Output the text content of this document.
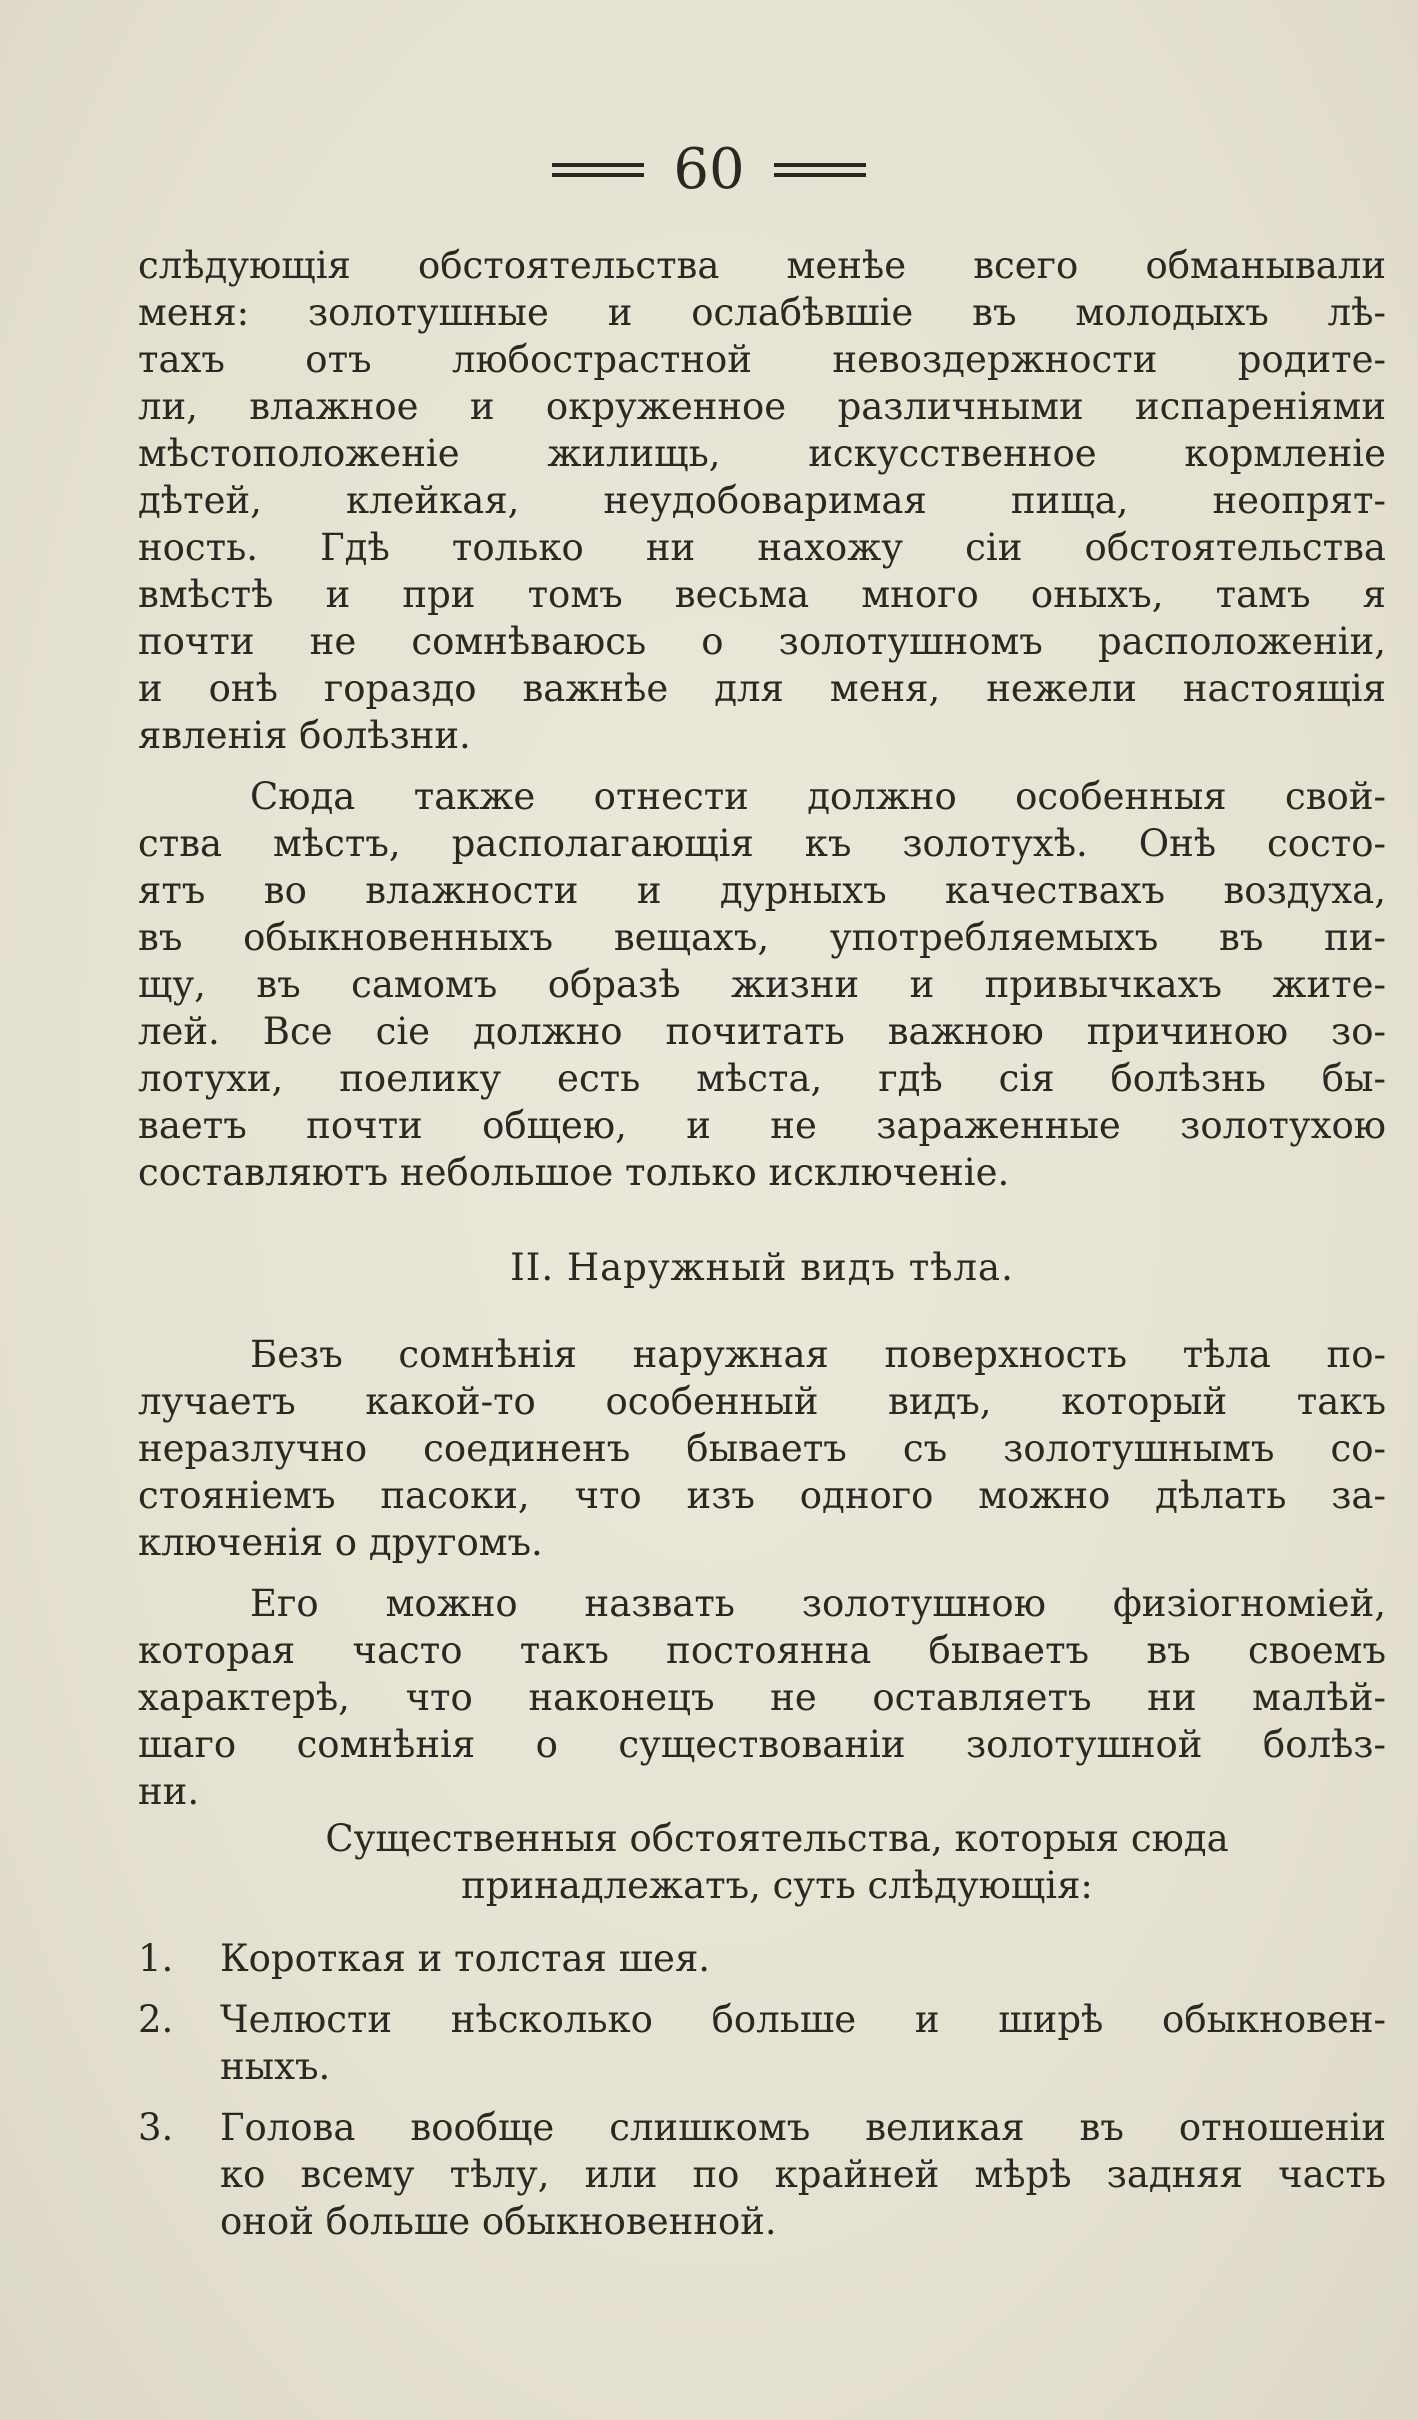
60
слѣдующія обстоятельства менѣе всего обманывали
меня: золотушные и ослабѣвшіе въ молодыхъ лѣ-
тахъ отъ любострастной невоздержности родите-
ли, влажное и окруженное различными испареніями
мѣстоположеніе жилищь, искусственное кормленіе
дѣтей, клейкая, неудобоваримая пища, неопрят-
ность. Гдѣ только ни нахожу сіи обстоятельства
вмѣстѣ и при томъ весьма много оныхъ, тамъ я
почти не сомнѣваюсь о золотушномъ расположеніи,
и онѣ гораздо важнѣе для меня, нежели настоящія
явленія болѣзни.
Сюда также отнести должно особенныя свой-
ства мѣстъ, располагающія къ золотухѣ. Онѣ состо-
ятъ во влажности и дурныхъ качествахъ воздуха,
въ обыкновенныхъ вещахъ, употребляемыхъ въ пи-
щу, въ самомъ образѣ жизни и привычкахъ жите-
лей. Все сіе должно почитать важною причиною зо-
лотухи, поелику есть мѣста, гдѣ сія болѣзнь бы-
ваетъ почти общею, и не зараженные золотухою
составляютъ небольшое только исключеніе.
II. Наружный видъ тѣла.
Безъ сомнѣнія наружная поверхность тѣла по-
лучаетъ какой-то особенный видъ, который такъ
неразлучно соединенъ бываетъ съ золотушнымъ со-
стояніемъ пасоки, что изъ одного можно дѣлать за-
ключенія о другомъ.
Его можно назвать золотушною физіогноміей,
которая часто такъ постоянна бываетъ въ своемъ
характерѣ, что наконецъ не оставляетъ ни малѣй-
шаго сомнѣнія о существованіи золотушной болѣз-
ни.
Существенныя обстоятельства, которыя сюда
принадлежатъ, суть слѣдующія:
1. Короткая и толстая шея.
2. Челюсти нѣсколько больше и ширѣ обыкновен-
ныхъ.
3. Голова вообще слишкомъ великая въ отношеніи
ко всему тѣлу, или по крайней мѣрѣ задняя часть
оной больше обыкновенной.
